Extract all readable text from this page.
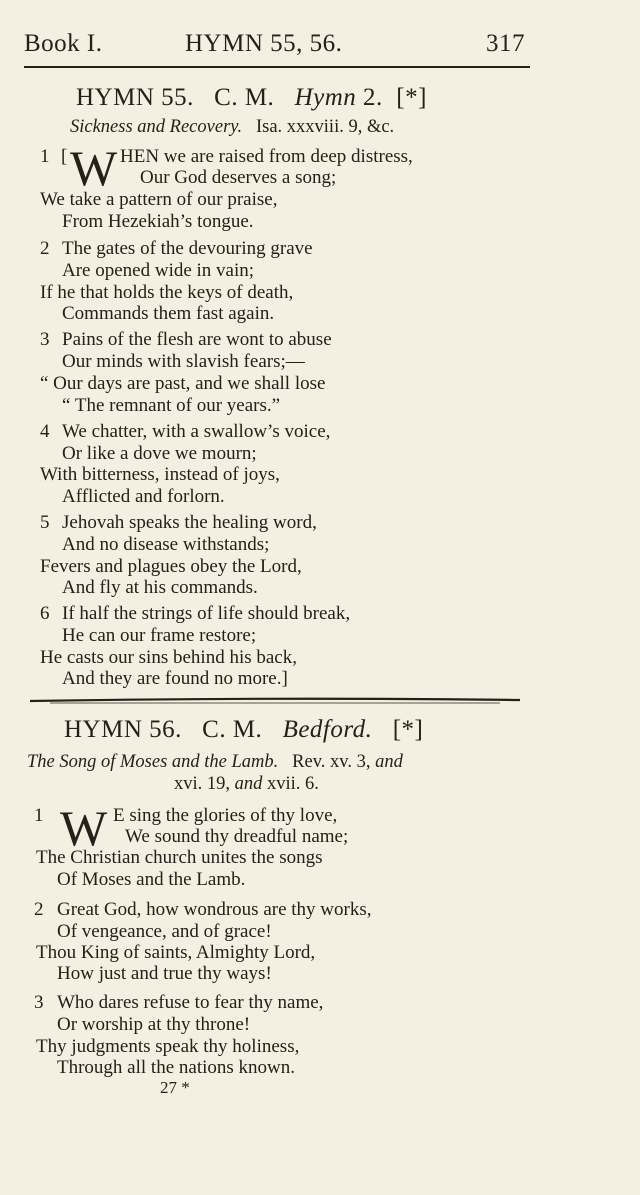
Book I.	HYMN 55, 56.	317
HYMN 55. C. M. Hymn 2. [*]
Sickness and Recovery. Isa. xxxviii. 9, &c.
1 [ W HEN we are raised from deep distress,
Our God deserves a song;
We take a pattern of our praise,
From Hezekiah’s tongue.
2 The gates of the devouring grave
Are opened wide in vain;
If he that holds the keys of death,
Commands them fast again.
3 Pains of the flesh are wont to abuse
Our minds with slavish fears;—
“ Our days are past, and we shall lose
“ The remnant of our years.”
4 We chatter, with a swallow’s voice,
Or like a dove we mourn;
With bitterness, instead of joys,
Afflicted and forlorn.
5 Jehovah speaks the healing word,
And no disease withstands;
Fevers and plagues obey the Lord,
And fly at his commands.
6 If half the strings of life should break,
He can our frame restore;
He casts our sins behind his back,
And they are found no more.]
HYMN 56. C. M. Bedford. [*]
The Song of Moses and the Lamb. Rev. xv. 3, and
xvi. 19, and xvii. 6.
1 W E sing the glories of thy love,
We sound thy dreadful name;
The Christian church unites the songs
Of Moses and the Lamb.
2 Great God, how wondrous are thy works,
Of vengeance, and of grace!
Thou King of saints, Almighty Lord,
How just and true thy ways!
3 Who dares refuse to fear thy name,
Or worship at thy throne!
Thy judgments speak thy holiness,
Through all the nations known.
27 *
